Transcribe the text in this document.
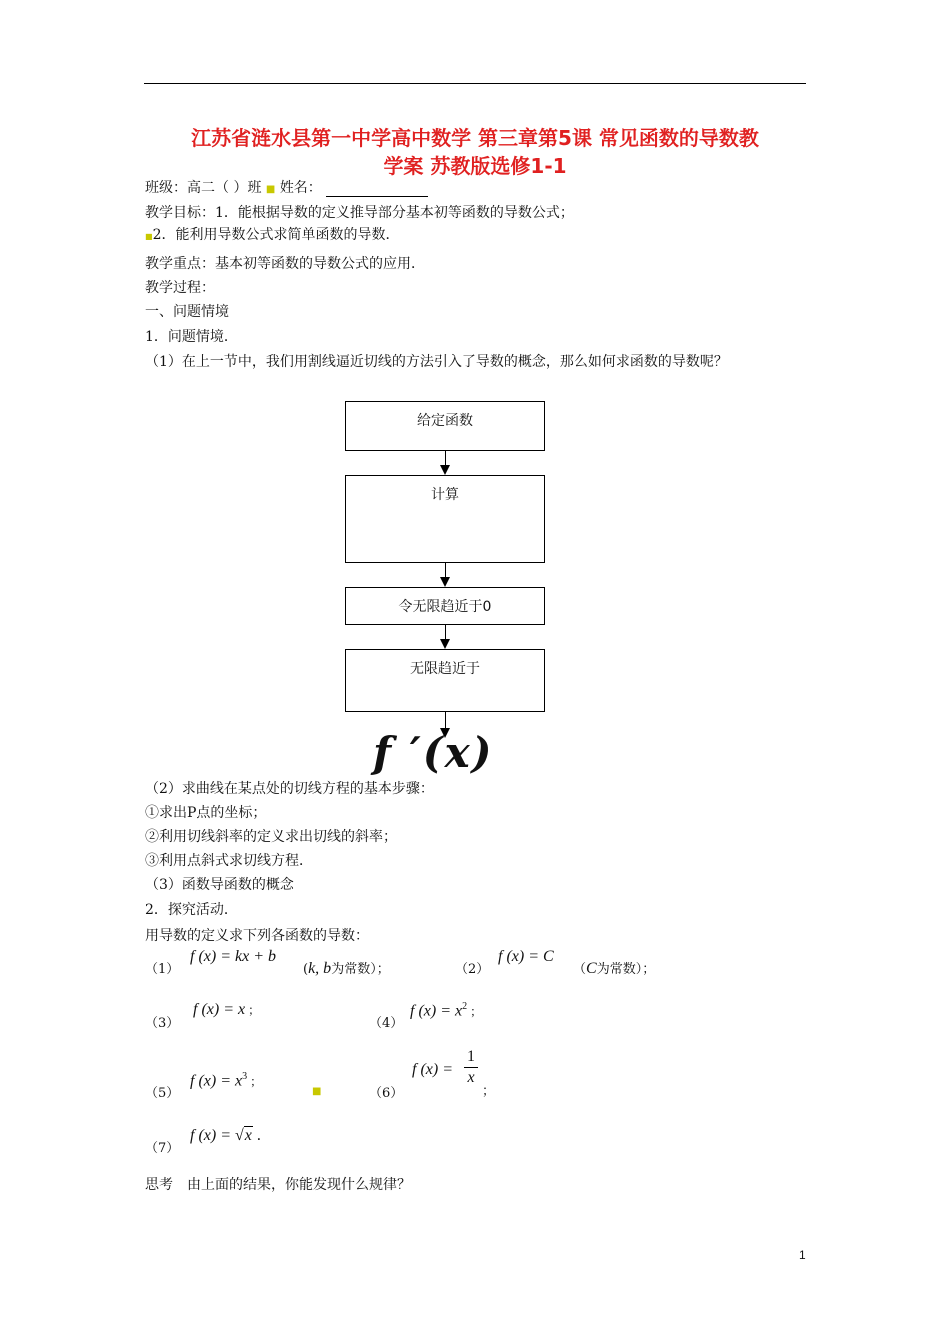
江苏省涟水县第一中学高中数学 第三章第5课 常见函数的导数教
学案 苏教版选修1-1
班级：高二（ ）班 ■ 姓名：
教学目标：1．能根据导数的定义推导部分基本初等函数的导数公式；
■2．能利用导数公式求简单函数的导数．
教学重点：基本初等函数的导数公式的应用．
教学过程：
一、问题情境
1．问题情境．
（1）在上一节中，我们用割线逼近切线的方法引入了导数的概念，那么如何求函数的导数呢？
给定函数
计算
令无限趋近于0
无限趋近于
f ′(x)
（2）求曲线在某点处的切线方程的基本步骤：
①求出P点的坐标；
②利用切线斜率的定义求出切线的斜率；
③利用点斜式求切线方程．
（3）函数导函数的概念
2．探究活动．
用导数的定义求下列各函数的导数：
（1）
f (x) = kx + b
(k, b为常数）；	（2）
f (x) = C
（C为常数）；
（3）
f (x) = x ；
（4）
f $(x) = x^2$ ；
（5）
f $(x) = x^3$ ；
■	（6）
f (x) =
1
x
；
（7）
f (x) = √x .
思考　由上面的结果，你能发现什么规律？
1
